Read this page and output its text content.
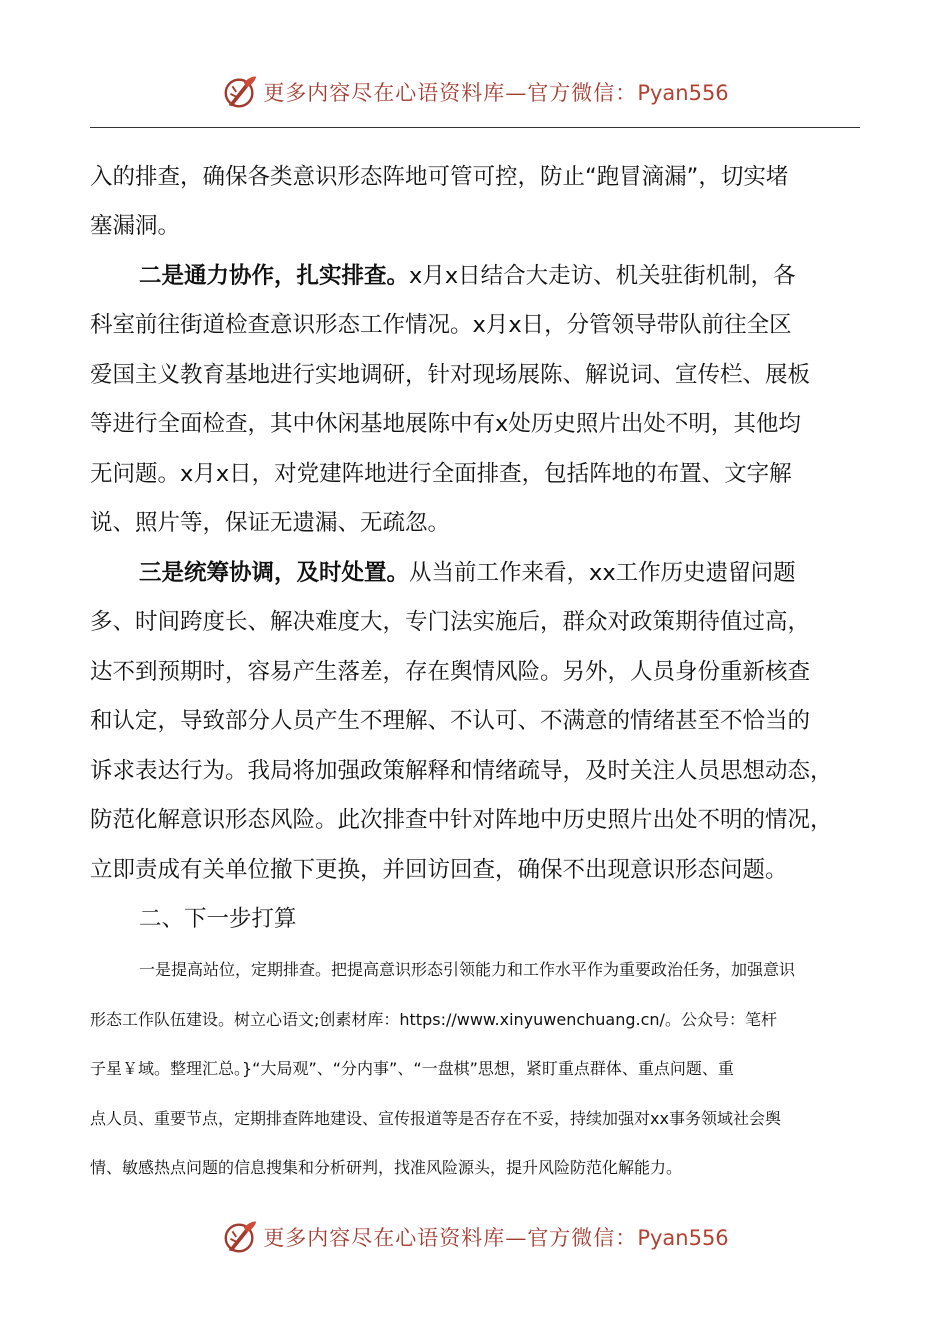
更多内容尽在心语资料库—官方微信：Pyan556
入的排查，确保各类意识形态阵地可管可控，防止“跑冒滴漏”，切实堵
塞漏洞。
二是通力协作，扎实排查。x月x日结合大走访、机关驻街机制，各
科室前往街道检查意识形态工作情况。x月x日，分管领导带队前往全区
爱国主义教育基地进行实地调研，针对现场展陈、解说词、宣传栏、展板
等进行全面检查，其中休闲基地展陈中有x处历史照片出处不明，其他均
无问题。x月x日，对党建阵地进行全面排查，包括阵地的布置、文字解
说、照片等，保证无遗漏、无疏忽。
三是统筹协调，及时处置。从当前工作来看，xx工作历史遗留问题
多、时间跨度长、解决难度大，专门法实施后，群众对政策期待值过高，
达不到预期时，容易产生落差，存在舆情风险。另外，人员身份重新核查
和认定，导致部分人员产生不理解、不认可、不满意的情绪甚至不恰当的
诉求表达行为。我局将加强政策解释和情绪疏导，及时关注人员思想动态，
防范化解意识形态风险。此次排查中针对阵地中历史照片出处不明的情况，
立即责成有关单位撤下更换，并回访回查，确保不出现意识形态问题。
二、下一步打算
一是提高站位，定期排查。把提高意识形态引领能力和工作水平作为重要政治任务，加强意识
形态工作队伍建设。树立心语文;创素材库：https://www.xinyuwenchuang.cn/。公众号：笔杆
子星￥域。整理汇总。}“大局观”、“分内事”、“一盘棋”思想，紧盯重点群体、重点问题、重
点人员、重要节点，定期排查阵地建设、宣传报道等是否存在不妥，持续加强对xx事务领域社会舆
情、敏感热点问题的信息搜集和分析研判，找准风险源头，提升风险防范化解能力。
更多内容尽在心语资料库—官方微信：Pyan556
